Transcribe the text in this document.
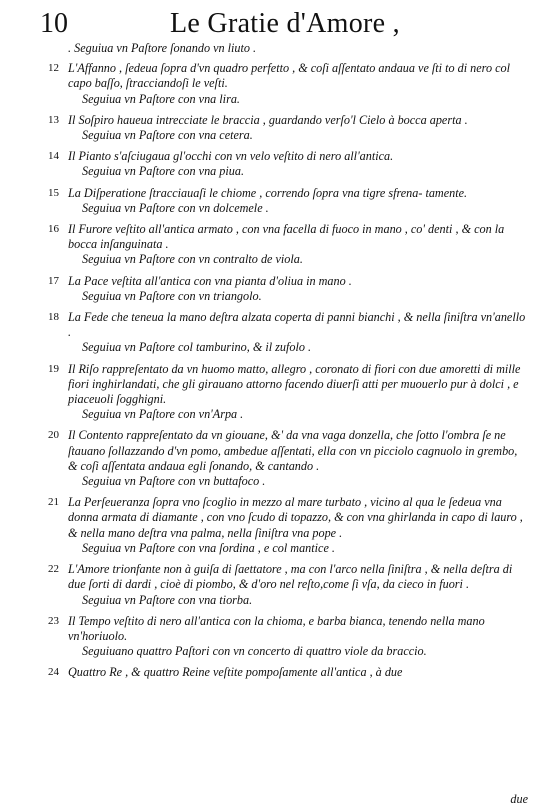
10	Le Gratie d'Amore ,

. Seguiua vn Paſtore ſonando vn liuto .

12 L'Affanno , ſedeua ſopra d'vn quadro perfetto , & coſi aſſentato andaua ve ſti to di nero col capo baſſo, ſtracciandoſi le veſti.

Seguiua vn Paſtore con vna lira.

13 Il Soſpiro haueua intrecciate le braccia , guardando verſo'l Cielo à bocca aperta .

Seguiua vn Paſtore con vna cetera.

14 Il Pianto s'aſciugaua gl'occhi con vn velo veſtito di nero all'antica.

Seguiua vn Paſtore con vna piua.

15 La Diſperatione ſtracciauaſi le chiome , correndo ſopra vna tigre sfrena- tamente.

Seguiua vn Paſtore con vn dolcemele .

16 Il Furore veſtito all'antica armato , con vna facella di fuoco in mano , co' denti , & con la bocca inſanguinata .

Seguiua vn Paſtore con vn contralto de viola.

17 La Pace veſtita all'antica con vna pianta d'oliua in mano .

Seguiua vn Paſtore con vn triangolo.

18 La Fede che teneua la mano deſtra alzata coperta di panni bianchi , & nella ſiniſtra vn'anello .

Seguiua vn Paſtore col tamburino, & il zufolo .

19 Il Riſo rappreſentato da vn huomo matto, allegro , coronato di fiori con due amoretti di mille fiori inghirlandati, che gli girauano attorno facendo diuerſi atti per muouerlo pur à dolci , e piaceuoli ſogghigni.

Seguiua vn Paſtore con vn'Arpa .

20 Il Contento rappreſentato da vn giouane, &' da vna vaga donzella, che ſotto l'ombra ſe ne ſtauano ſollazzando d'vn pomo, ambedue aſſentati, ella con vn picciolo cagnuolo in grembo, & coſi aſſentata andaua egli ſonando, & cantando .

Seguiua vn Paſtore con vn buttafoco .

21 La Perſeueranza ſopra vno ſcoglio in mezzo al mare turbato , vicino al qua le ſedeua vna donna armata di diamante , con vno ſcudo di topazzo, & con vna ghirlanda in capo di lauro , & nella mano deſtra vna palma, nella ſiniſtra vna pope .

Seguiua vn Paſtore con vna ſordina , e col mantice .

22 L'Amore trionfante non à guiſa di ſaettatore , ma con l'arco nella ſiniſtra , & nella deſtra di due ſorti di dardi , cioè di piombo, & d'oro nel reſto,come ſi vſa, da cieco in fuori .

Seguiua vn Paſtore con vna tiorba.

23 Il Tempo veſtito di nero all'antica con la chioma, e barba bianca, tenendo nella mano vn'horiuolo.

Seguiuano quattro Paſtori con vn concerto di quattro viole da braccio.

24 Quattro Re , & quattro Reine veſtite pompoſamente all'antica , à due

due
